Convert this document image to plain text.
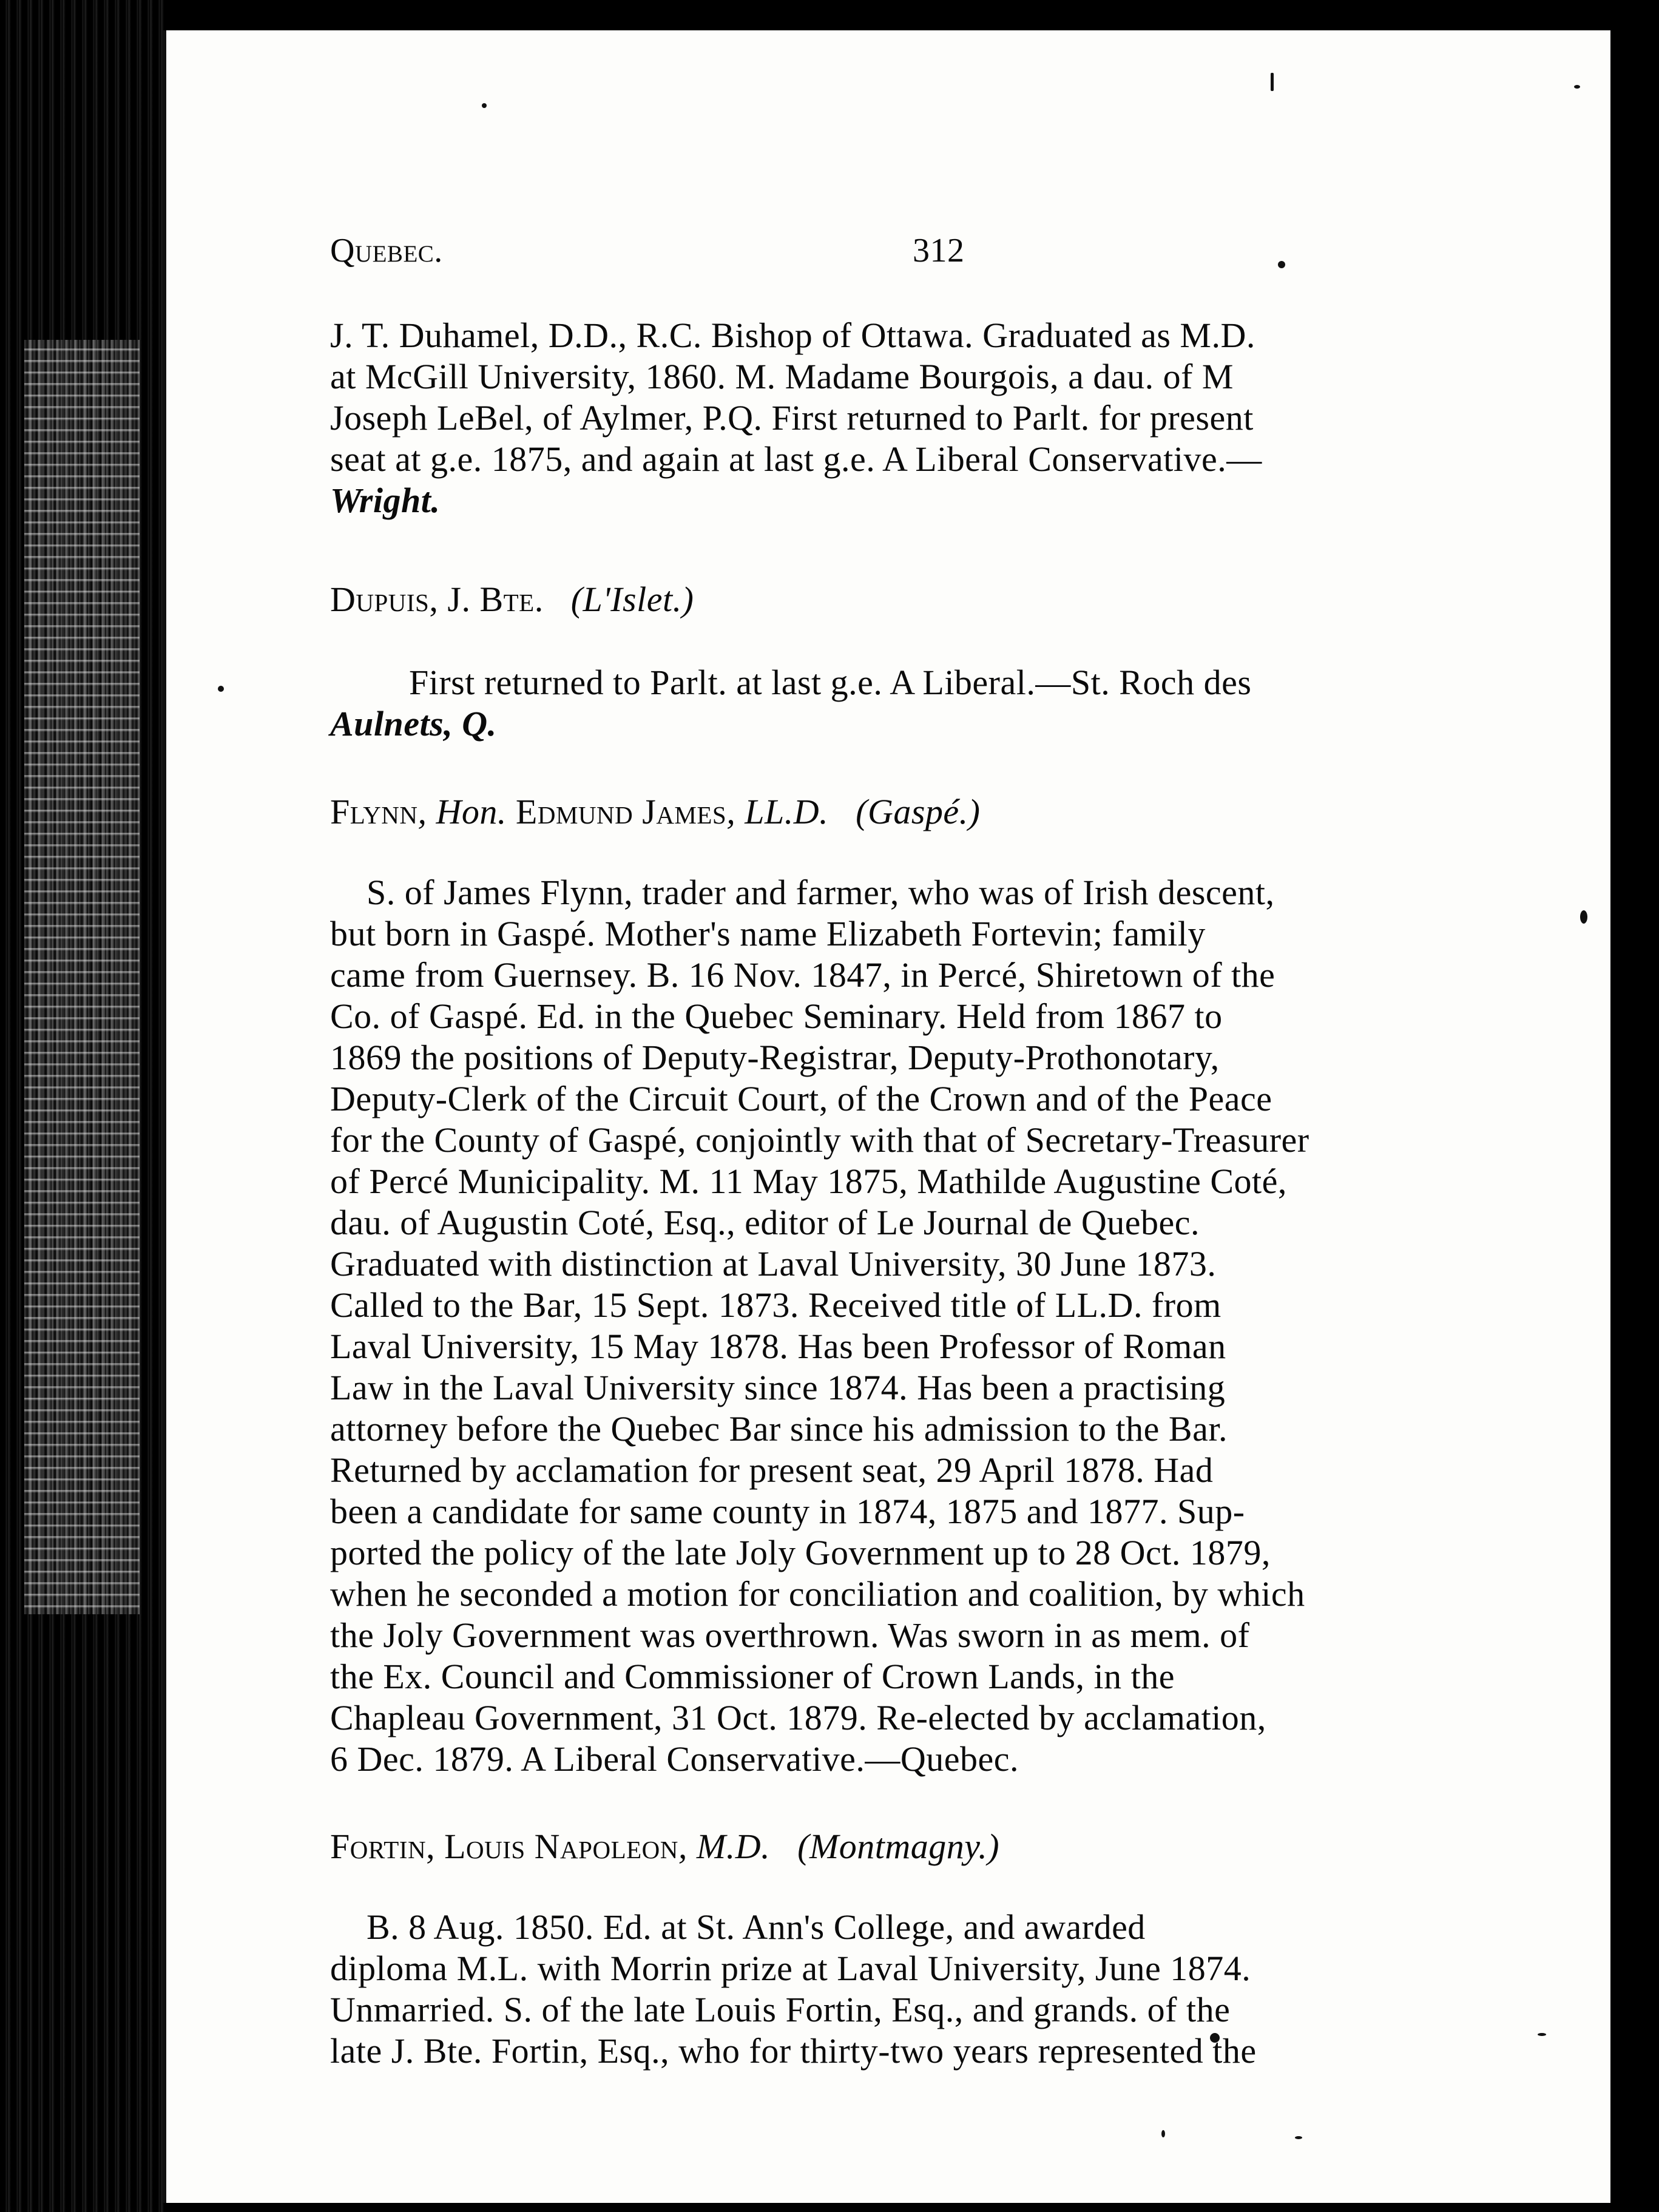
Quebec.	312
J. T. Duhamel, D.D., R.C. Bishop of Ottawa. Graduated as M.D.
at McGill University, 1860. M. Madame Bourgois, a dau. of M
Joseph LeBel, of Aylmer, P.Q. First returned to Parlt. for present
seat at g.e. 1875, and again at last g.e. A Liberal Conservative.—
Wright.
Dupuis, J. Bte. (L'Islet.)
First returned to Parlt. at last g.e. A Liberal.—St. Roch des
Aulnets, Q.
Flynn, Hon. Edmund James, LL.D. (Gaspé.)
S. of James Flynn, trader and farmer, who was of Irish descent,
but born in Gaspé. Mother's name Elizabeth Fortevin; family
came from Guernsey. B. 16 Nov. 1847, in Percé, Shiretown of the
Co. of Gaspé. Ed. in the Quebec Seminary. Held from 1867 to
1869 the positions of Deputy-Registrar, Deputy-Prothonotary,
Deputy-Clerk of the Circuit Court, of the Crown and of the Peace
for the County of Gaspé, conjointly with that of Secretary-Treasurer
of Percé Municipality. M. 11 May 1875, Mathilde Augustine Coté,
dau. of Augustin Coté, Esq., editor of Le Journal de Quebec.
Graduated with distinction at Laval University, 30 June 1873.
Called to the Bar, 15 Sept. 1873. Received title of LL.D. from
Laval University, 15 May 1878. Has been Professor of Roman
Law in the Laval University since 1874. Has been a practising
attorney before the Quebec Bar since his admission to the Bar.
Returned by acclamation for present seat, 29 April 1878. Had
been a candidate for same county in 1874, 1875 and 1877. Sup-
ported the policy of the late Joly Government up to 28 Oct. 1879,
when he seconded a motion for conciliation and coalition, by which
the Joly Government was overthrown. Was sworn in as mem. of
the Ex. Council and Commissioner of Crown Lands, in the
Chapleau Government, 31 Oct. 1879. Re-elected by acclamation,
6 Dec. 1879. A Liberal Conservative.—Quebec.
Fortin, Louis Napoleon, M.D. (Montmagny.)
B. 8 Aug. 1850. Ed. at St. Ann's College, and awarded
diploma M.L. with Morrin prize at Laval University, June 1874.
Unmarried. S. of the late Louis Fortin, Esq., and grands. of the
late J. Bte. Fortin, Esq., who for thirty-two years represented the
